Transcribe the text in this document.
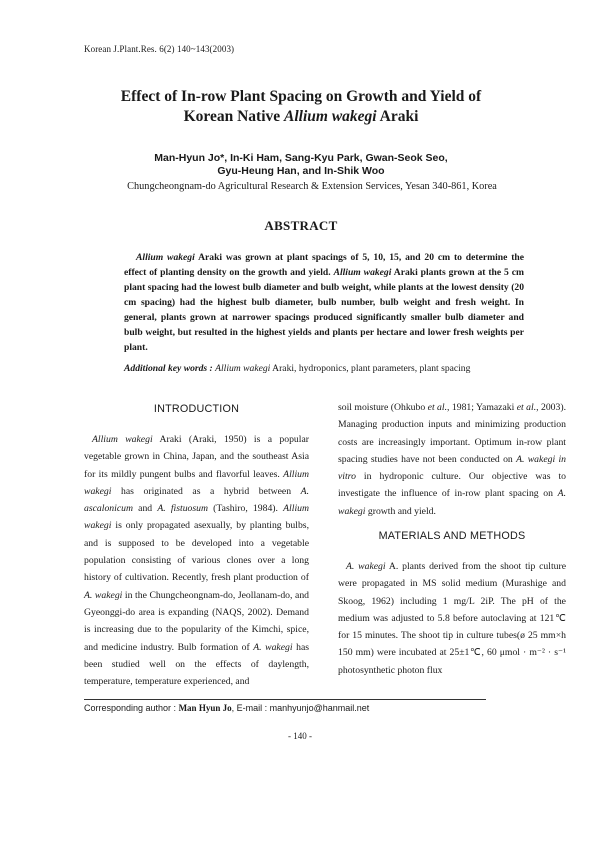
Korean J.Plant.Res. 6(2) 140~143(2003)
Effect of In-row Plant Spacing on Growth and Yield of
Korean Native Allium wakegi Araki
Man-Hyun Jo*, In-Ki Ham, Sang-Kyu Park, Gwan-Seok Seo,
Gyu-Heung Han, and In-Shik Woo
Chungcheongnam-do Agricultural Research & Extension Services, Yesan 340-861, Korea
ABSTRACT
Allium wakegi Araki was grown at plant spacings of 5, 10, 15, and 20 cm to determine the effect of planting density on the growth and yield. Allium wakegi Araki plants grown at the 5 cm plant spacing had the lowest bulb diameter and bulb weight, while plants at the lowest density (20 cm spacing) had the highest bulb diameter, bulb number, bulb weight and fresh weight. In general, plants grown at narrower spacings produced significantly smaller bulb diameter and bulb weight, but resulted in the highest yields and plants per hectare and lower fresh weights per plant.
Additional key words : Allium wakegi Araki, hydroponics, plant parameters, plant spacing
INTRODUCTION
Allium wakegi Araki (Araki, 1950) is a popular vegetable grown in China, Japan, and the southeast Asia for its mildly pungent bulbs and flavorful leaves. Allium wakegi has originated as a hybrid between A. ascalonicum and A. fistuosum (Tashiro, 1984). Allium wakegi is only propagated asexually, by planting bulbs, and is supposed to be developed into a vegetable population consisting of various clones over a long history of cultivation. Recently, fresh plant production of A. wakegi in the Chungcheongnam-do, Jeollanam-do, and Gyeonggi-do area is expanding (NAQS, 2002). Demand is increasing due to the popularity of the Kimchi, spice, and medicine industry. Bulb formation of A. wakegi has been studied well on the effects of daylength, temperature, temperature experienced, and
soil moisture (Ohkubo et al., 1981; Yamazaki et al., 2003). Managing production inputs and minimizing production costs are increasingly important. Optimum in-row plant spacing studies have not been conducted on A. wakegi in vitro in hydroponic culture. Our objective was to investigate the influence of in-row plant spacing on A. wakegi growth and yield.
MATERIALS AND METHODS
A. wakegi A. plants derived from the shoot tip culture were propagated in MS solid medium (Murashige and Skoog, 1962) including 1 mg/L 2iP. The pH of the medium was adjusted to 5.8 before autoclaving at 121℃ for 15 minutes. The shoot tip in culture tubes(ø 25 mm×h 150 mm) were incubated at 25±1℃, 60 μmol · m⁻² · s⁻¹ photosynthetic photon flux
Corresponding author : Man Hyun Jo, E-mail : manhyunjo@hanmail.net
- 140 -
